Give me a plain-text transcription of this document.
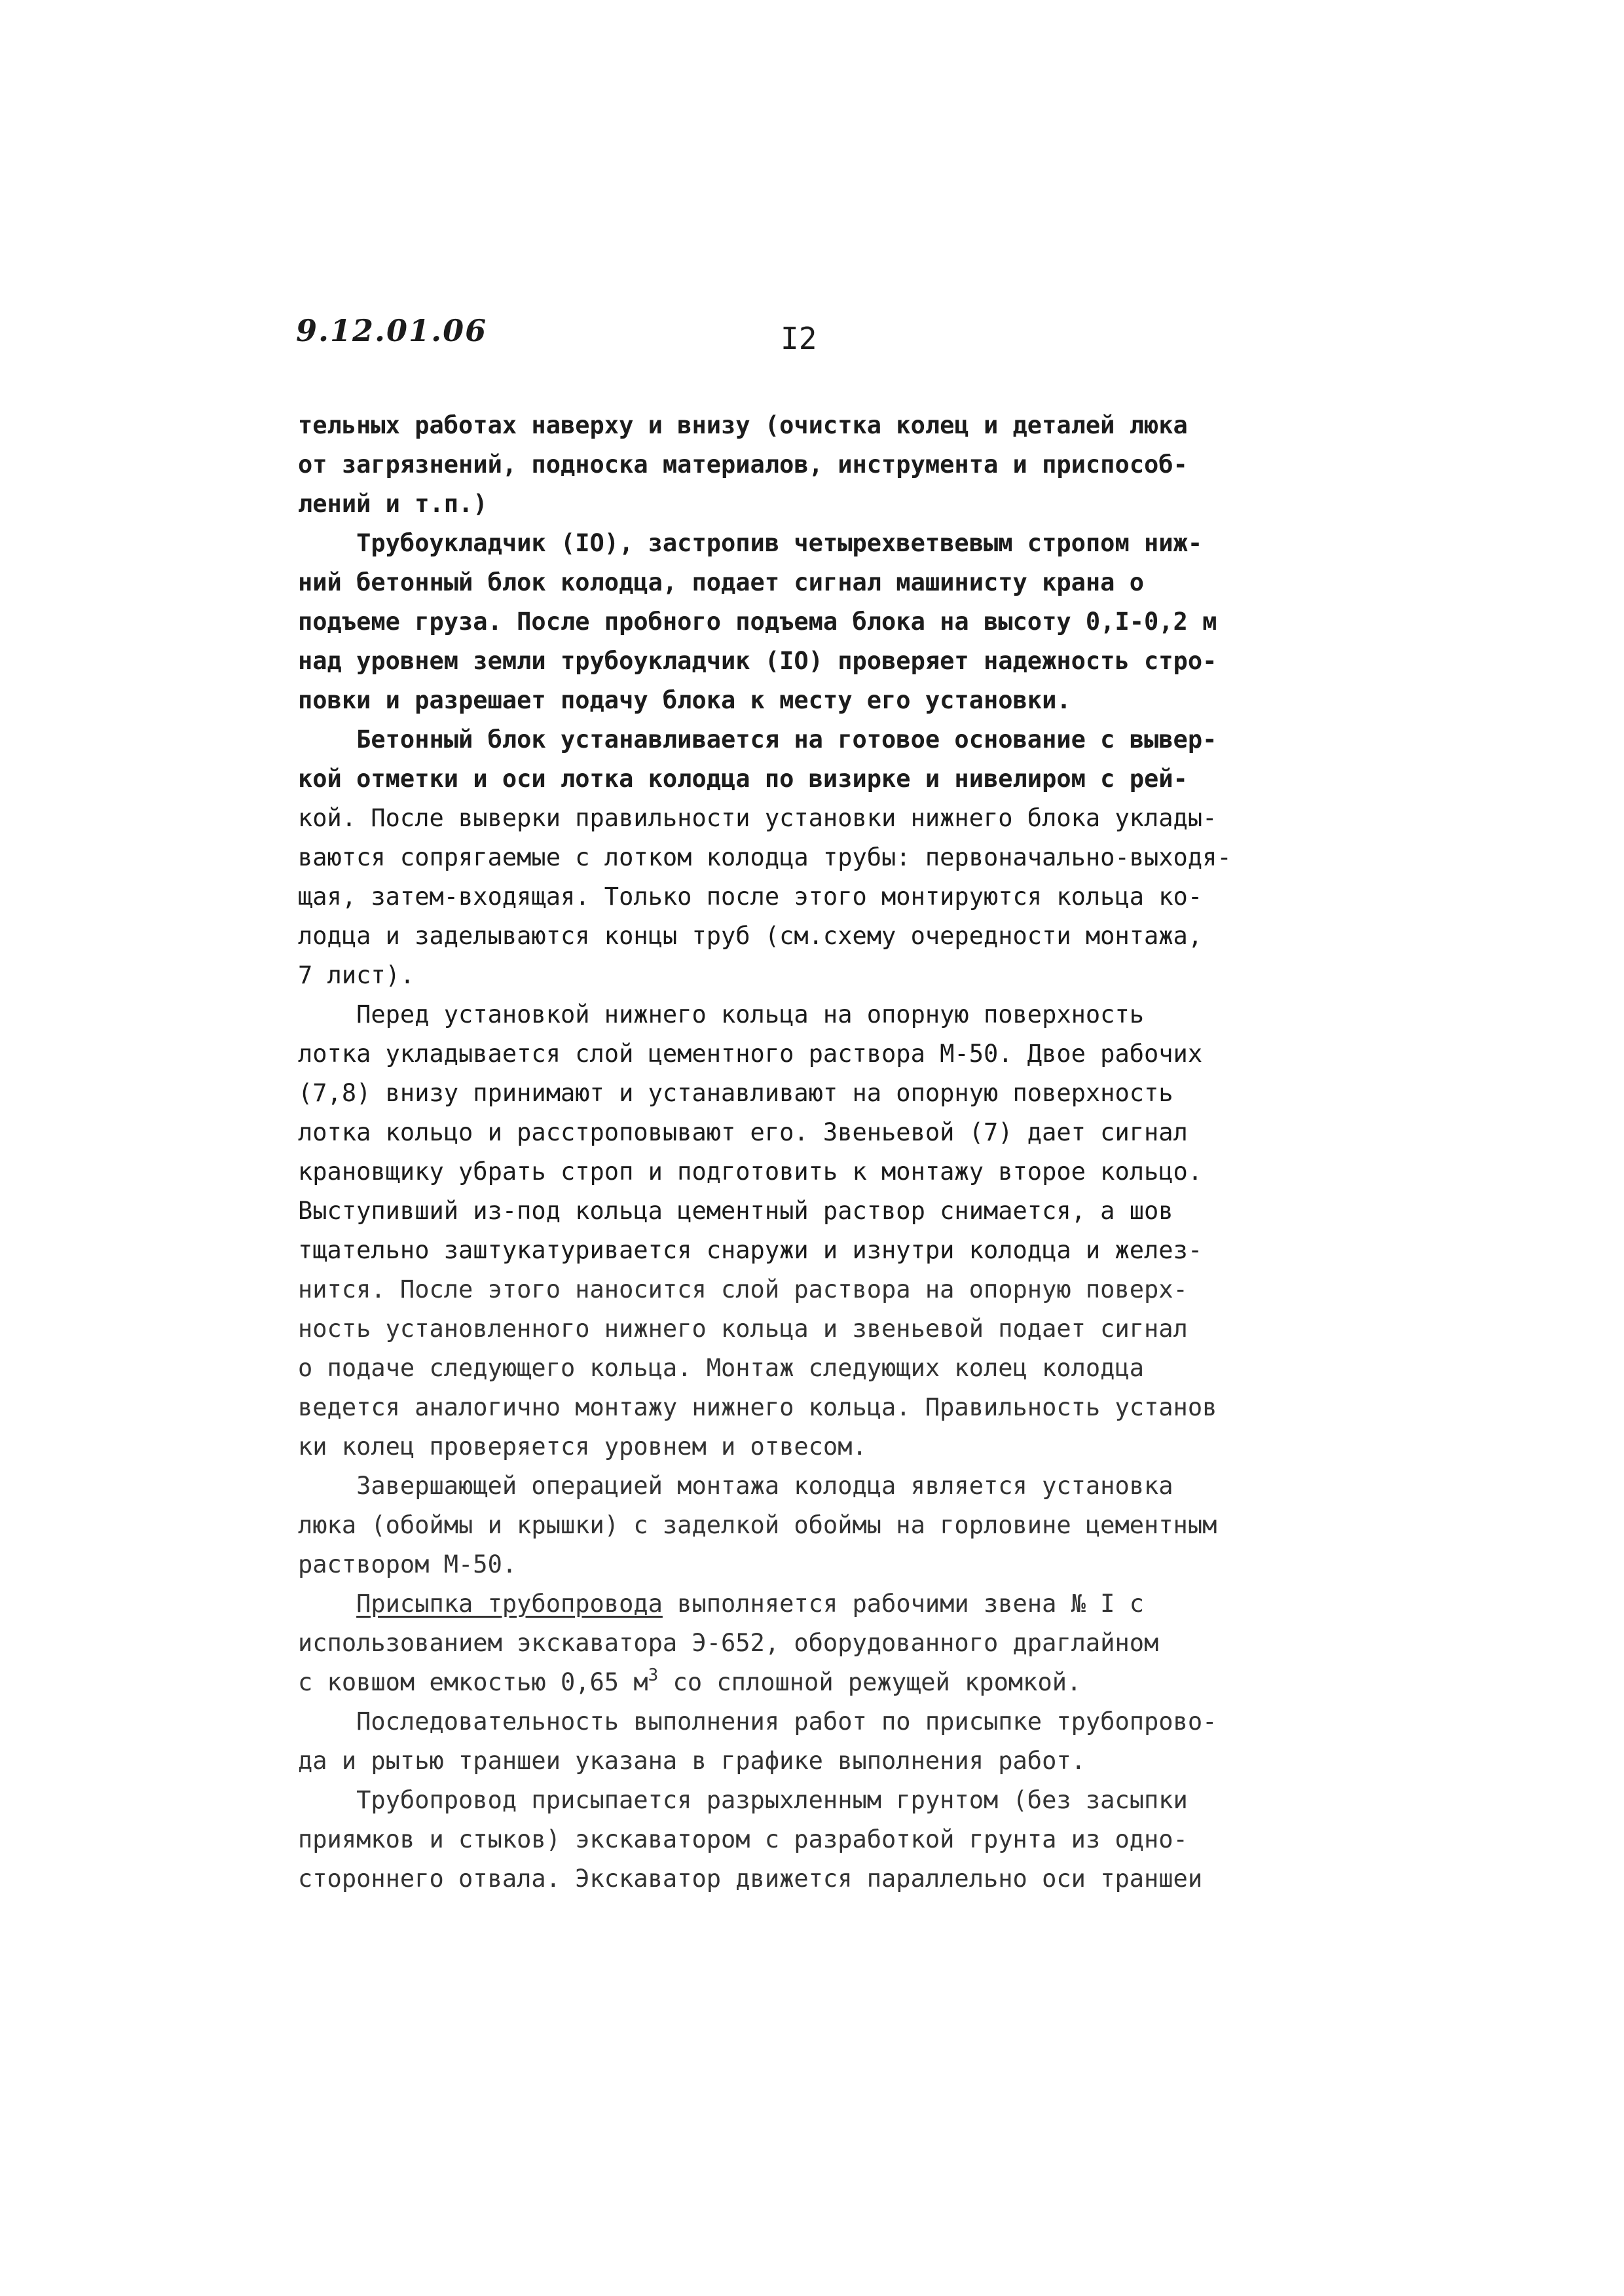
9.12.01.06	I2
тельных работах наверху и внизу (очистка колец и деталей люка
от загрязнений, подноска материалов, инструмента и приспособ-
лений и т.п.)
Трубоукладчик (IO), застропив четырехветвевым стропом ниж-
ний бетонный блок колодца, подает сигнал машинисту крана о
подъеме груза. После пробного подъема блока на высоту 0,I-0,2 м
над уровнем земли трубоукладчик (IO) проверяет надежность стро-
повки и разрешает подачу блока к месту его установки.
Бетонный блок устанавливается на готовое основание с вывер-
кой отметки и оси лотка колодца по визирке и нивелиром с рей-
кой. После выверки правильности установки нижнего блока уклады-
ваются сопрягаемые с лотком колодца трубы: первоначально-выходя-
щая, затем-входящая. Только после этого монтируются кольца ко-
лодца и заделываются концы труб (см.схему очередности монтажа,
7 лист).
Перед установкой нижнего кольца на опорную поверхность
лотка укладывается слой цементного раствора М-50. Двое рабочих
(7,8) внизу принимают и устанавливают на опорную поверхность
лотка кольцо и расстроповывают его. Звеньевой (7) дает сигнал
крановщику убрать строп и подготовить к монтажу второе кольцо.
Выступивший из-под кольца цементный раствор снимается, а шов
тщательно заштукатуривается снаружи и изнутри колодца и желез-
нится. После этого наносится слой раствора на опорную поверх-
ность установленного нижнего кольца и звеньевой подает сигнал
о подаче следующего кольца. Монтаж следующих колец колодца
ведется аналогично монтажу нижнего кольца. Правильность установ
ки колец проверяется уровнем и отвесом.
Завершающей операцией монтажа колодца является установка
люка (обоймы и крышки) с заделкой обоймы на горловине цементным
раствором М-50.
Присыпка трубопровода выполняется рабочими звена № I с
использованием экскаватора Э-652, оборудованного драглайном
с ковшом емкостью 0,65 $м^3$ со сплошной режущей кромкой.
Последовательность выполнения работ по присыпке трубопрово-
да и рытью траншеи указана в графике выполнения работ.
Трубопровод присыпается разрыхленным грунтом (без засыпки
приямков и стыков) экскаватором с разработкой грунта из одно-
стороннего отвала. Экскаватор движется параллельно оси траншеи
